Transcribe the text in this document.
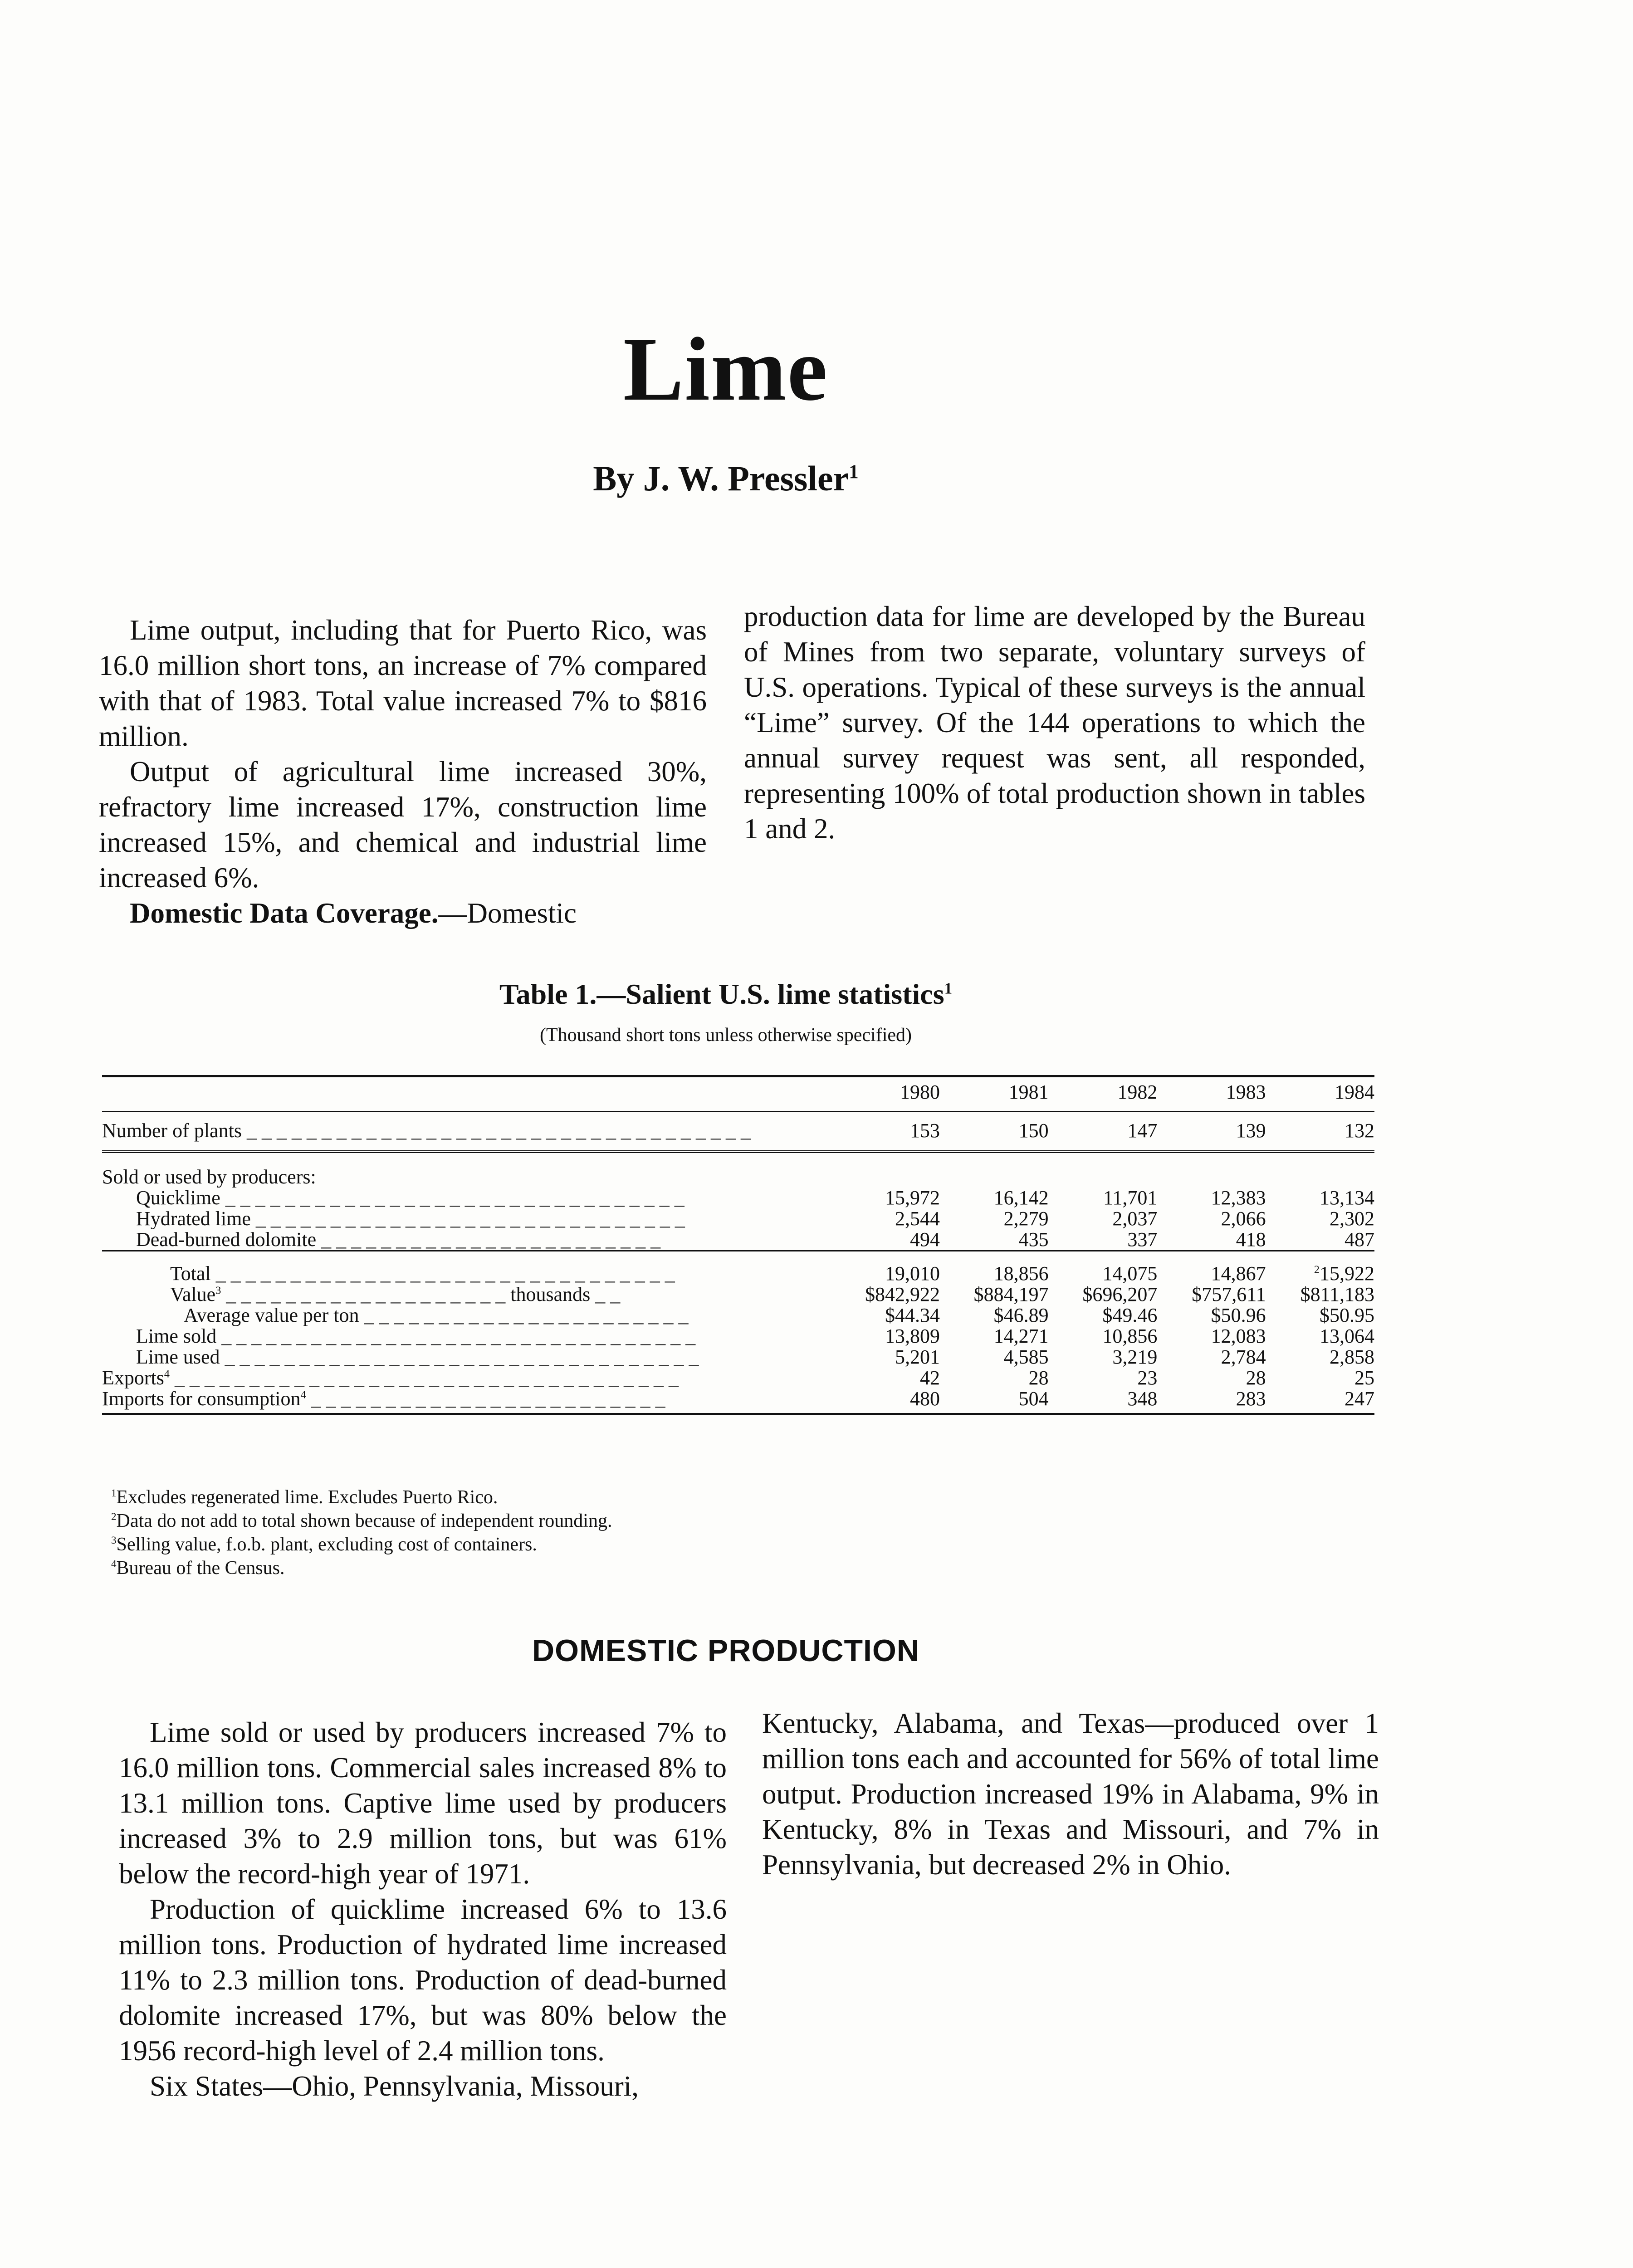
Lime
By J. W. Pressler$^1$

Lime output, including that for Puerto Rico, was 16.0 million short tons, an increase of 7% compared with that of 1983. Total value increased 7% to $816 million.

Output of agricultural lime increased 30%, refractory lime increased 17%, construction lime increased 15%, and chemical and industrial lime increased 6%.

Domestic Data Coverage.—Domestic

production data for lime are developed by the Bureau of Mines from two separate, voluntary surveys of U.S. operations. Typical of these surveys is the annual “Lime” survey. Of the 144 operations to which the annual survey request was sent, all responded, representing 100% of total production shown in tables 1 and 2.

Table 1.—Salient U.S. lime statistics$^1$
(Thousand short tons unless otherwise specified)
	1980	1981	1982	1983	1984
Number of plants _ _ _ _ _ _ _ _ _ _ _ _ _ _ _ _ _ _ _ _ _ _ _ _ _ _ _ _ _ _ _ _ _ _	153	150	147	139	132

Sold or used by producers:					
Quicklime _ _ _ _ _ _ _ _ _ _ _ _ _ _ _ _ _ _ _ _ _ _ _ _ _ _ _ _ _ _ _	15,972	16,142	11,701	12,383	13,134
Hydrated lime _ _ _ _ _ _ _ _ _ _ _ _ _ _ _ _ _ _ _ _ _ _ _ _ _ _ _ _ _	2,544	2,279	2,037	2,066	2,302
Dead-burned dolomite _ _ _ _ _ _ _ _ _ _ _ _ _ _ _ _ _ _ _ _ _ _ _	494	435	337	418	487

Total _ _ _ _ _ _ _ _ _ _ _ _ _ _ _ _ _ _ _ _ _ _ _ _ _ _ _ _ _ _ _	19,010	18,856	14,075	14,867	$^2$15,922
Value$^3$ _ _ _ _ _ _ _ _ _ _ _ _ _ _ _ _ _ _ _ thousands _ _	$842,922	$884,197	$696,207	$757,611	$811,183
Average value per ton _ _ _ _ _ _ _ _ _ _ _ _ _ _ _ _ _ _ _ _ _ _	$44.34	$46.89	$49.46	$50.96	$50.95
Lime sold _ _ _ _ _ _ _ _ _ _ _ _ _ _ _ _ _ _ _ _ _ _ _ _ _ _ _ _ _ _ _ _	13,809	14,271	10,856	12,083	13,064
Lime used _ _ _ _ _ _ _ _ _ _ _ _ _ _ _ _ _ _ _ _ _ _ _ _ _ _ _ _ _ _ _ _	5,201	4,585	3,219	2,784	2,858
Exports$^4$ _ _ _ _ _ _ _ _ _ _ _ _ _ _ _ _ _ _ _ _ _ _ _ _ _ _ _ _ _ _ _ _ _ _	42	28	23	28	25
Imports for consumption$^4$ _ _ _ _ _ _ _ _ _ _ _ _ _ _ _ _ _ _ _ _ _ _ _ _	480	504	348	283	247
$^1$Excludes regenerated lime. Excludes Puerto Rico.
$^2$Data do not add to total shown because of independent rounding.
$^3$Selling value, f.o.b. plant, excluding cost of containers.
$^4$Bureau of the Census.
DOMESTIC PRODUCTION

Lime sold or used by producers increased 7% to 16.0 million tons. Commercial sales increased 8% to 13.1 million tons. Captive lime used by producers increased 3% to 2.9 million tons, but was 61% below the record-high year of 1971.

Production of quicklime increased 6% to 13.6 million tons. Production of hydrated lime increased 11% to 2.3 million tons. Production of dead-burned dolomite increased 17%, but was 80% below the 1956 record-high level of 2.4 million tons.

Six States—Ohio, Pennsylvania, Missouri,

Kentucky, Alabama, and Texas—produced over 1 million tons each and accounted for 56% of total lime output. Production increased 19% in Alabama, 9% in Kentucky, 8% in Texas and Missouri, and 7% in Pennsylvania, but decreased 2% in Ohio.
